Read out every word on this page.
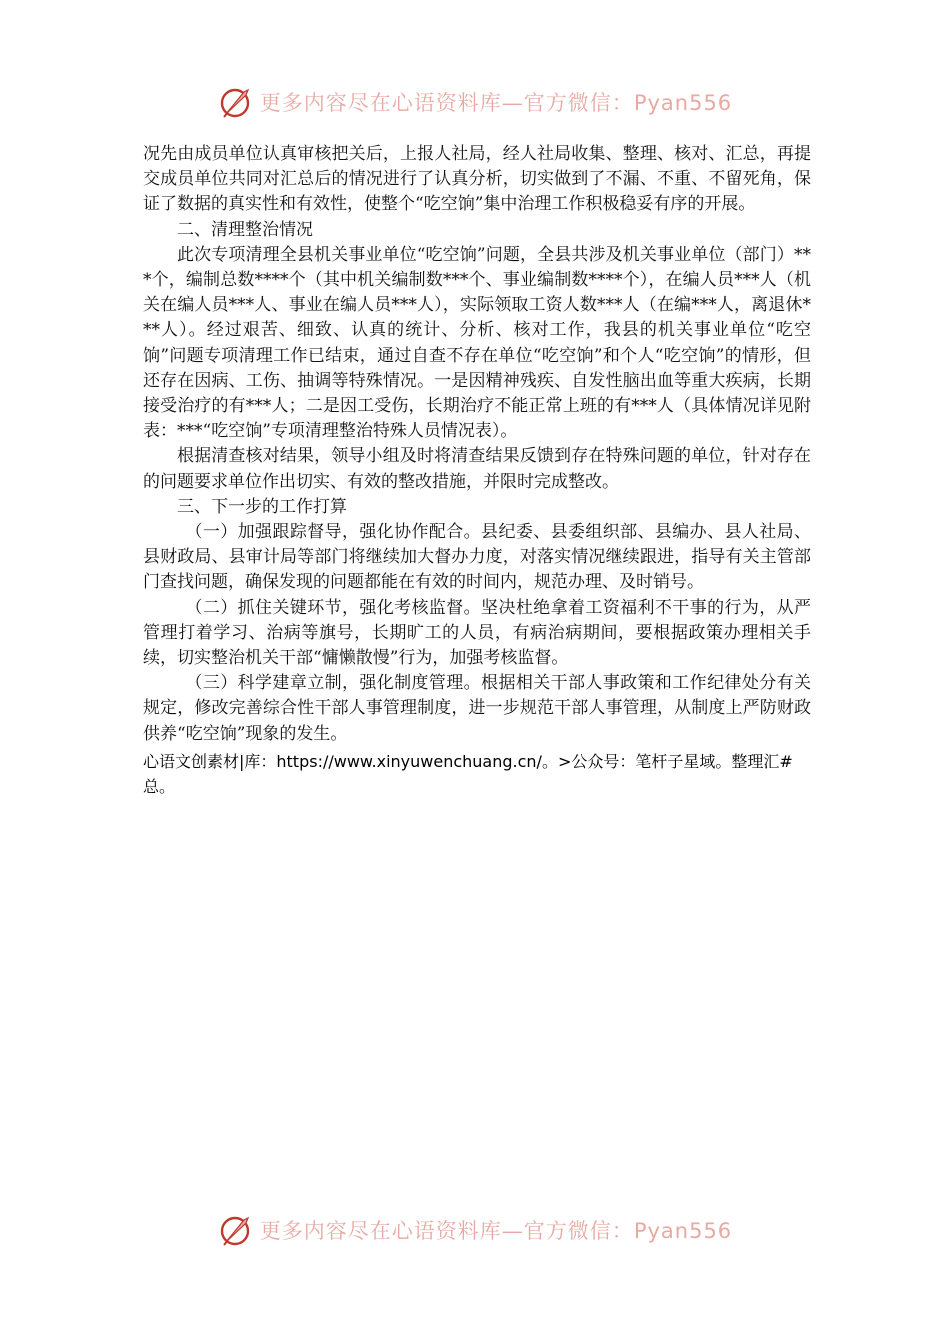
更多内容尽在心语资料库—官方微信：Pyan556

况先由成员单位认真审核把关后，上报人社局，经人社局收集、整理、核对、汇总，再提交成员单位共同对汇总后的情况进行了认真分析，切实做到了不漏、不重、不留死角，保证了数据的真实性和有效性，使整个“吃空饷”集中治理工作积极稳妥有序的开展。

二、清理整治情况

此次专项清理全县机关事业单位“吃空饷”问题，全县共涉及机关事业单位（部门）***个，编制总数****个（其中机关编制数***个、事业编制数****个），在编人员***人（机关在编人员***人、事业在编人员***人），实际领取工资人数***人（在编***人，离退休***人）。经过艰苦、细致、认真的统计、分析、核对工作，我县的机关事业单位“吃空饷”问题专项清理工作已结束，通过自查不存在单位“吃空饷”和个人“吃空饷”的情形，但还存在因病、工伤、抽调等特殊情况。一是因精神残疾、自发性脑出血等重大疾病，长期接受治疗的有***人；二是因工受伤，长期治疗不能正常上班的有***人（具体情况详见附表：***“吃空饷”专项清理整治特殊人员情况表）。

根据清查核对结果，领导小组及时将清查结果反馈到存在特殊问题的单位，针对存在的问题要求单位作出切实、有效的整改措施，并限时完成整改。

三、下一步的工作打算

（一）加强跟踪督导，强化协作配合。县纪委、县委组织部、县编办、县人社局、县财政局、县审计局等部门将继续加大督办力度，对落实情况继续跟进，指导有关主管部门查找问题，确保发现的问题都能在有效的时间内，规范办理、及时销号。

（二）抓住关键环节，强化考核监督。坚决杜绝拿着工资福利不干事的行为，从严管理打着学习、治病等旗号，长期旷工的人员，有病治病期间，要根据政策办理相关手续，切实整治机关干部“慵懒散慢”行为，加强考核监督。

（三）科学建章立制，强化制度管理。根据相关干部人事政策和工作纪律处分有关规定，修改完善综合性干部人事管理制度，进一步规范干部人事管理，从制度上严防财政供养“吃空饷”现象的发生。

心语文创素材|库：https://www.xinyuwenchuang.cn/。>公众号：笔杆子星域。整理汇#总。

更多内容尽在心语资料库—官方微信：Pyan556
